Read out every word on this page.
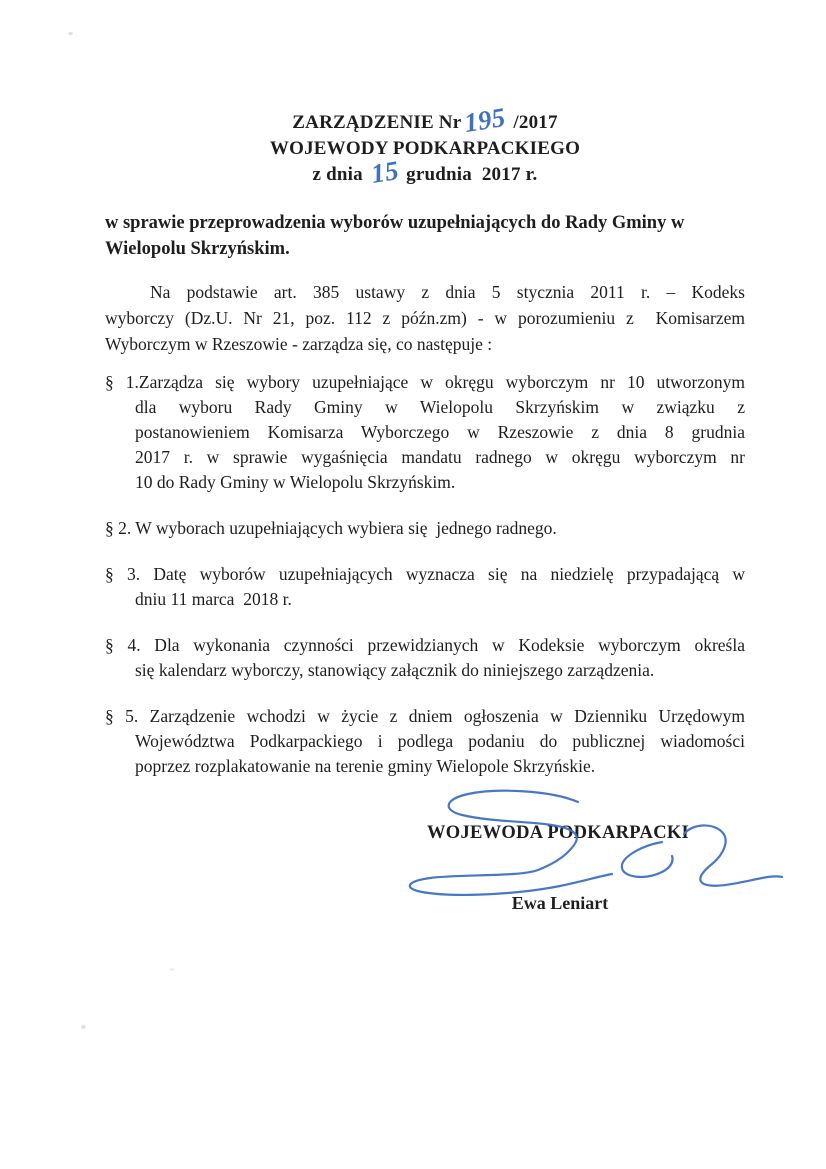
ZARZĄDZENIE Nr195 /2017
WOJEWODY PODKARPACKIEGO
z dnia 15 grudnia  2017 r.
w sprawie przeprowadzenia wyborów uzupełniających do Rady Gminy w
Wielopolu Skrzyńskim.
Na podstawie art. 385 ustawy z dnia 5 stycznia 2011 r. – Kodeks
wyborczy (Dz.U. Nr 21, poz. 112 z późn.zm) - w porozumieniu z  Komisarzem
Wyborczym w Rzeszowie - zarządza się, co następuje :
§ 1.Zarządza się wybory uzupełniające w okręgu wyborczym nr 10 utworzonym
dla wyboru Rady Gminy w Wielopolu Skrzyńskim w związku z
postanowieniem Komisarza Wyborczego w Rzeszowie z dnia 8 grudnia
2017 r. w sprawie wygaśnięcia mandatu radnego w okręgu wyborczym nr
10 do Rady Gminy w Wielopolu Skrzyńskim.
§ 2. W wyborach uzupełniających wybiera się  jednego radnego.
§ 3. Datę wyborów uzupełniających wyznacza się na niedzielę przypadającą w
dniu 11 marca  2018 r.
§ 4. Dla wykonania czynności przewidzianych w Kodeksie wyborczym określa
się kalendarz wyborczy, stanowiący załącznik do niniejszego zarządzenia.
§ 5. Zarządzenie wchodzi w życie z dniem ogłoszenia w Dzienniku Urzędowym
Województwa Podkarpackiego i podlega podaniu do publicznej wiadomości
poprzez rozplakatowanie na terenie gminy Wielopole Skrzyńskie.
WOJEWODA PODKARPACKI
Ewa Leniart
